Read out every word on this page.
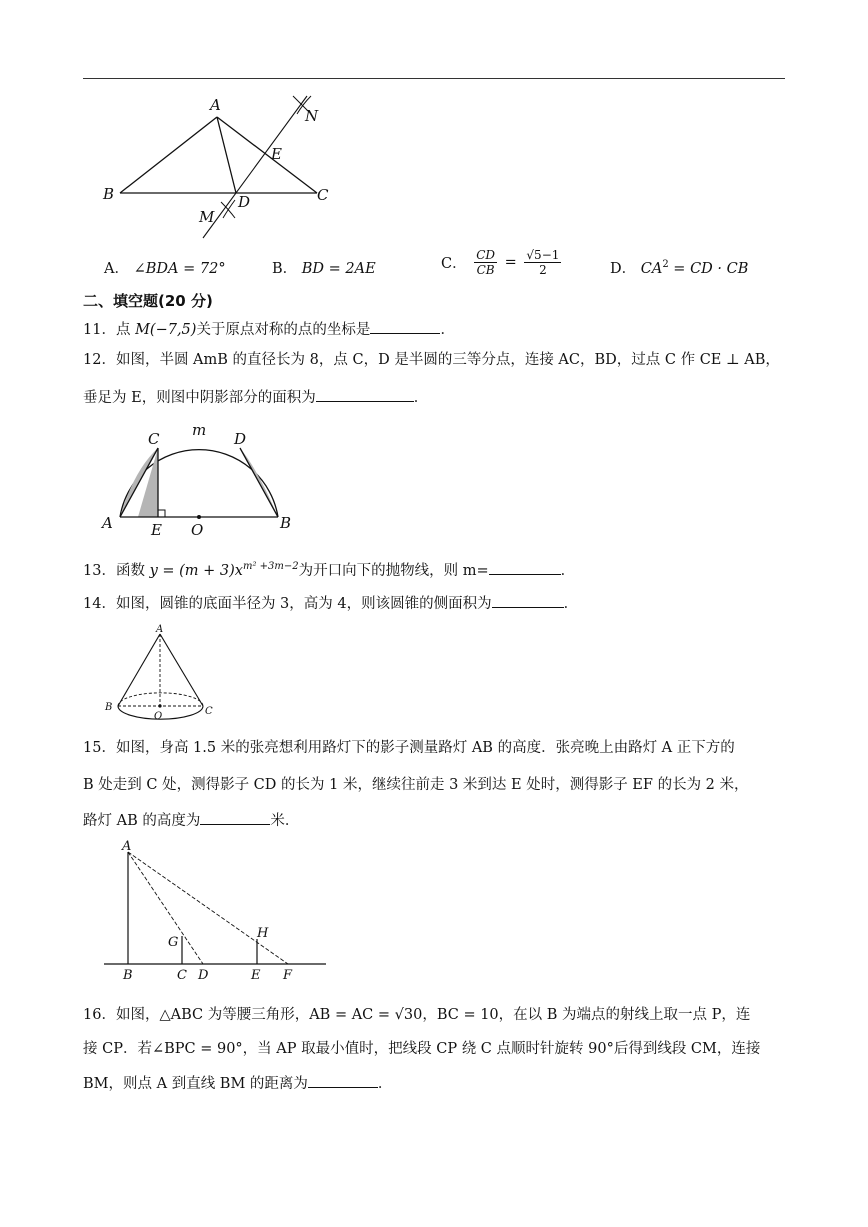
A
B	C
D
E
M
N
A． ∠BDA = 72°	B． BD = 2AE	C． $\frac{CD}{CB} = \frac{√5-1}{2}$	D． $CA^2$ = CD · CB
二、填空题(20 分)
11．点 M(−7,5)关于原点对称的点的坐标是	．
12．如图，半圆 AmB 的直径长为 8，点 C，D 是半圆的三等分点，连接 AC，BD，过点 C 作 CE ⊥ AB，
垂足为 E，则图中阴影部分的面积为	．
A	B
C	D
E O
m
13．函数 $y = (m + 3)x^{m^2 +3m-2}$为开口向下的抛物线，则 m=	．
14．如图，圆锥的底面半径为 3，高为 4，则该圆锥的侧面积为	．
A
B	C
O
15．如图，身高 1.5 米的张亮想利用路灯下的影子测量路灯 AB 的高度．张亮晚上由路灯 A 正下方的
B 处走到 C 处，测得影子 CD 的长为 1 米，继续往前走 3 米到达 E 处时，测得影子 EF 的长为 2 米，
路灯 AB 的高度为	米．
A
B	C D	E F
G
H
16．如图，△ABC 为等腰三角形，AB = AC = √30，BC = 10，在以 B 为端点的射线上取一点 P，连
接 CP．若∠BPC = 90°，当 AP 取最小值时，把线段 CP 绕 C 点顺时针旋转 90°后得到线段 CM，连接
BM，则点 A 到直线 BM 的距离为	．
